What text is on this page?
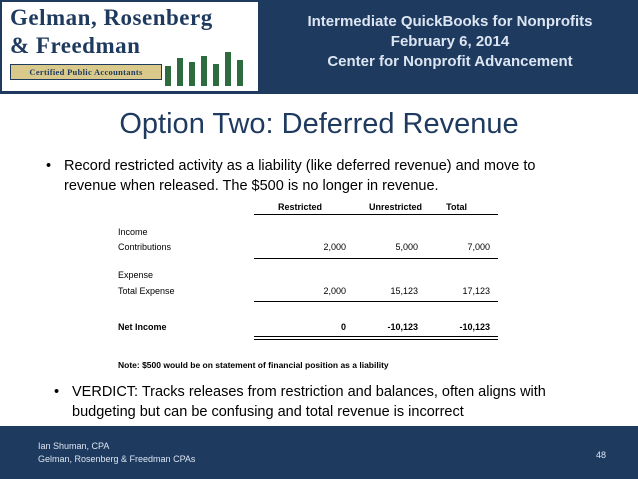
Gelman, Rosenberg
& Freedman
Certified Public Accountants
Intermediate QuickBooks for Nonprofits
February 6, 2014
Center for Nonprofit Advancement
Option Two: Deferred Revenue
• Record restricted activity as a liability (like deferred revenue) and move to
revenue when released. The $500 is no longer in revenue.
Restricted	Unrestricted	Total
Income
Contributions	2,000	5,000	7,000
Expense
Total Expense	2,000	15,123	17,123
Net Income	0	-10,123	-10,123
Note: $500 would be on statement of financial position as a liability
• VERDICT: Tracks releases from restriction and balances, often aligns with
budgeting but can be confusing and total revenue is incorrect
Ian Shuman, CPA
Gelman, Rosenberg & Freedman CPAs	48
